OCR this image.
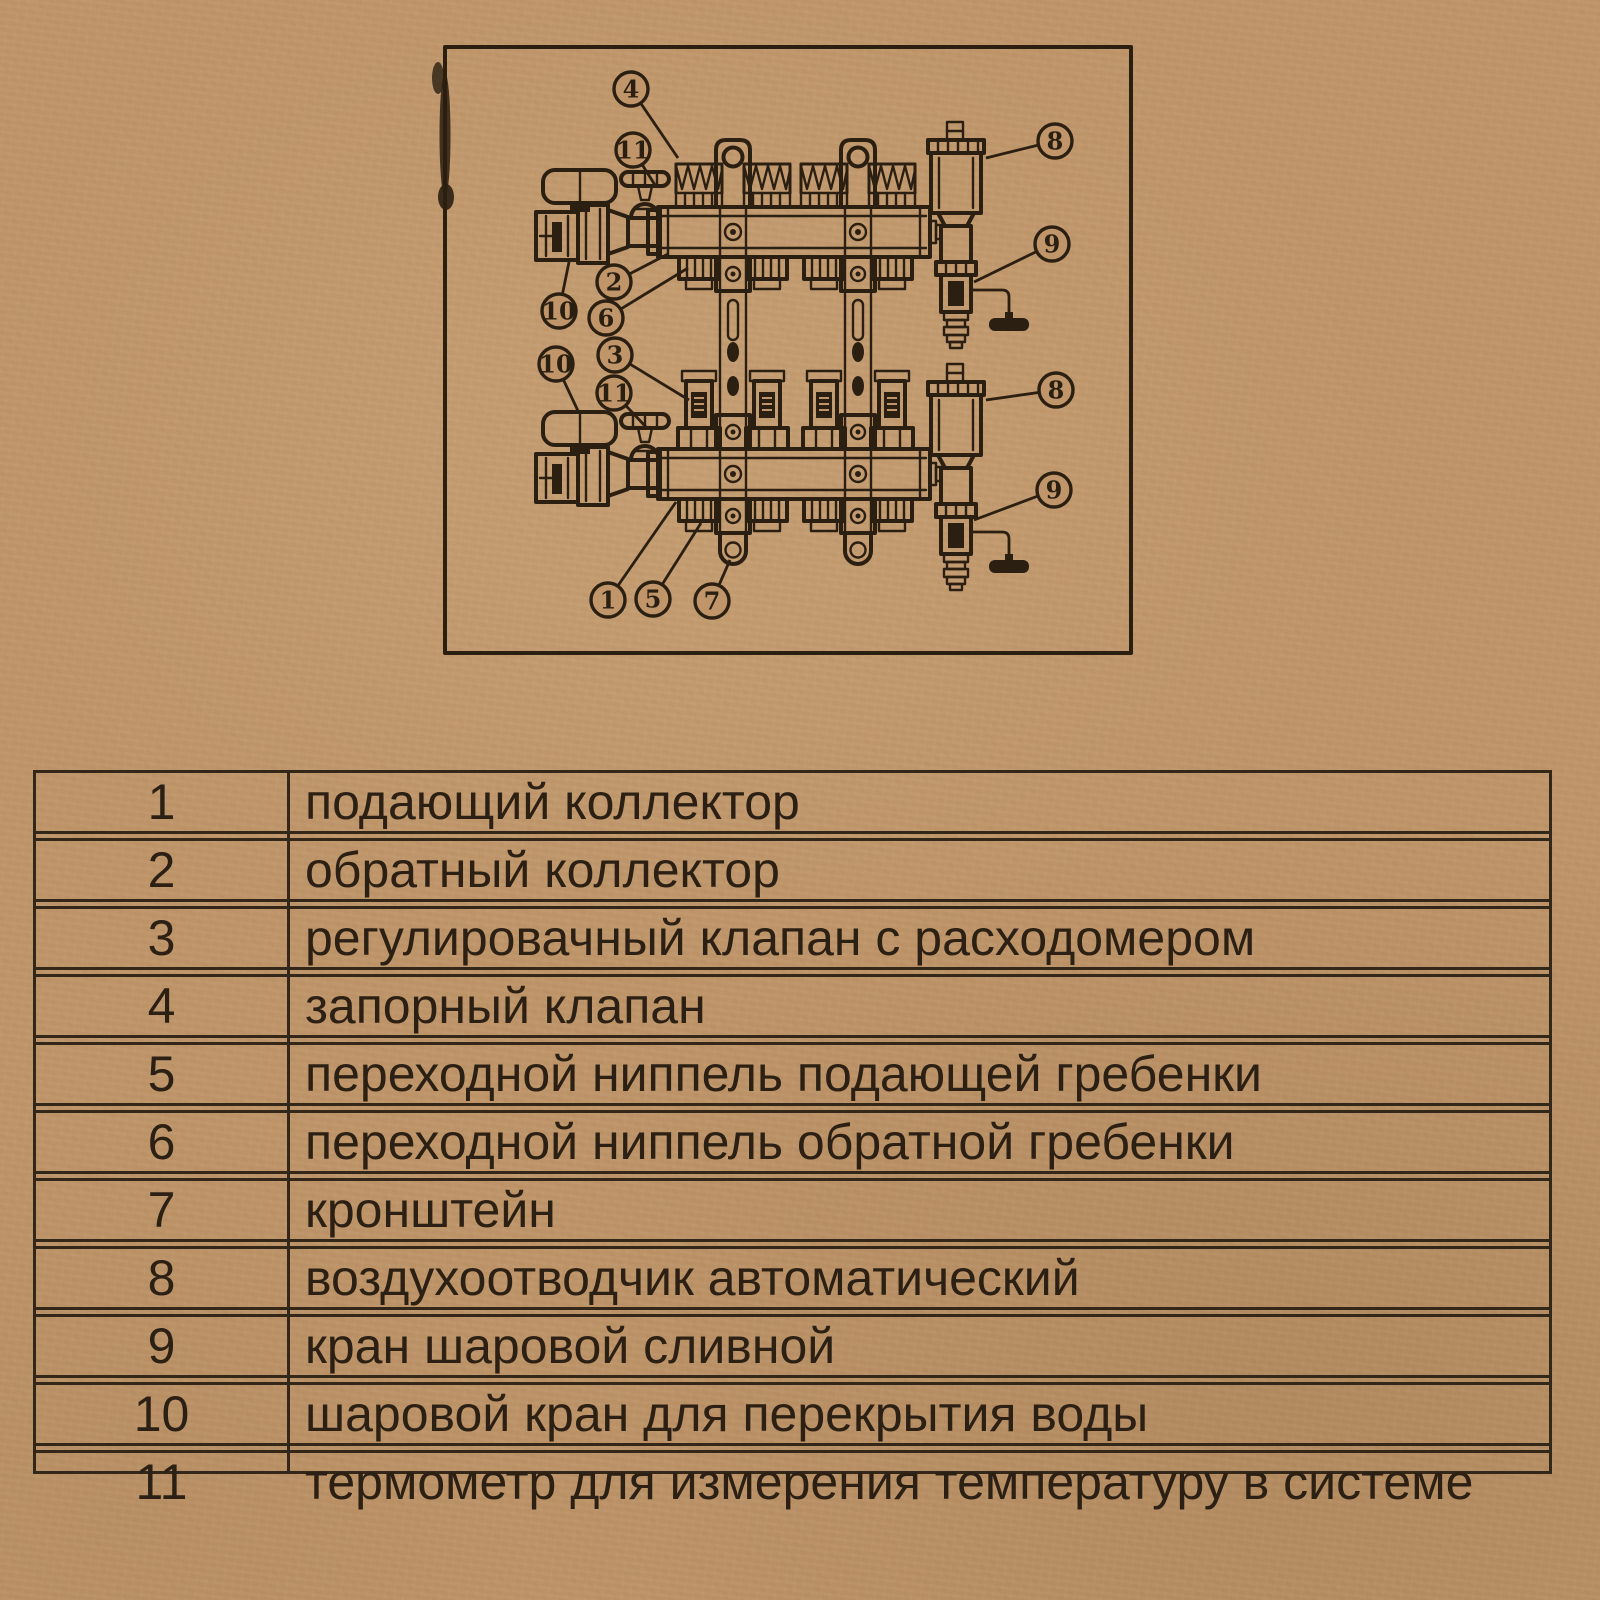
4
11
10
2
6
3
10
11
1 5 7
8
9
8
9
1	подающий коллектор
2	обратный коллектор
3	регулировачный клапан с расходомером
4	запорный клапан
5	переходной ниппель подающей гребенки
6	переходной ниппель обратной гребенки
7	кронштейн
8	воздухоотводчик автоматический
9	кран шаровой сливной
10	шаровой кран для перекрытия воды
11	термометр для измерения температуру в системе
